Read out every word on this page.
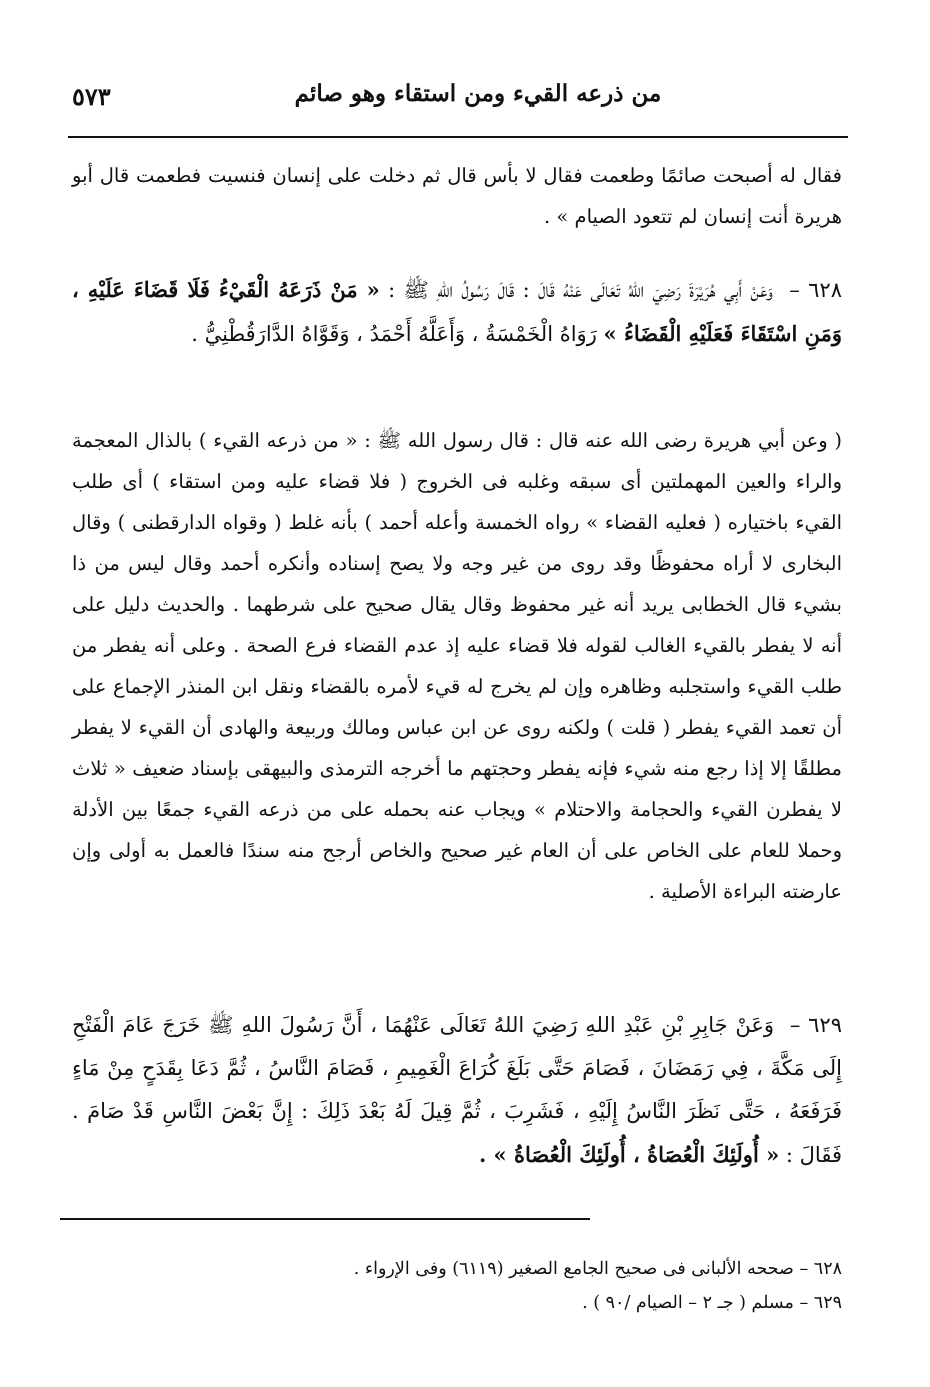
من ذرعه القيء ومن استقاء وهو صائم
٥٧٣

فقال له أصبحت صائمًا وطعمت فقال لا بأس قال ثم دخلت على إنسان فنسيت فطعمت قال أبو هريرة أنت إنسان لم تتعود الصيام » .

٦٢٨ – وَعَنْ أَبِي هُرَيْرَةَ رَضِيَ اللهُ تَعَالَى عَنْهُ قَالَ : قَالَ رَسُولُ اللهِ ﷺ : « مَنْ ذَرَعَهُ الْقَيْءُ فَلَا قَضَاءَ عَلَيْهِ ، وَمَنِ اسْتَقَاءَ فَعَلَيْهِ الْقَضَاءُ » رَوَاهُ الْخَمْسَةُ ، وَأَعَلَّهُ أَحْمَدُ ، وَقَوَّاهُ الدَّارَقُطْنِيُّ .

( وعن أبي هريرة رضى الله عنه قال : قال رسول الله ﷺ : « من ذرعه القيء ) بالذال المعجمة والراء والعين المهملتين أى سبقه وغلبه فى الخروج ( فلا قضاء عليه ومن استقاء ) أى طلب القيء باختياره ( فعليه القضاء » رواه الخمسة وأعله أحمد ) بأنه غلط ( وقواه الدارقطنى ) وقال البخارى لا أراه محفوظًا وقد روى من غير وجه ولا يصح إسناده وأنكره أحمد وقال ليس من ذا بشيء قال الخطابى يريد أنه غير محفوظ وقال يقال صحيح على شرطهما . والحديث دليل على أنه لا يفطر بالقيء الغالب لقوله فلا قضاء عليه إذ عدم القضاء فرع الصحة . وعلى أنه يفطر من طلب القيء واستجلبه وظاهره وإن لم يخرج له قيء لأمره بالقضاء ونقل ابن المنذر الإجماع على أن تعمد القيء يفطر ( قلت ) ولكنه روى عن ابن عباس ومالك وربيعة والهادى أن القيء لا يفطر مطلقًا إلا إذا رجع منه شيء فإنه يفطر وحجتهم ما أخرجه الترمذى والبيهقى بإسناد ضعيف « ثلاث لا يفطرن القيء والحجامة والاحتلام » ويجاب عنه بحمله على من ذرعه القيء جمعًا بين الأدلة وحملا للعام على الخاص على أن العام غير صحيح والخاص أرجح منه سندًا فالعمل به أولى وإن عارضته البراءة الأصلية .

٦٢٩ – وَعَنْ جَابِرِ بْنِ عَبْدِ اللهِ رَضِيَ اللهُ تَعَالَى عَنْهُمَا ، أَنَّ رَسُولَ اللهِ ﷺ خَرَجَ عَامَ الْفَتْحِ إِلَى مَكَّةَ ، فِي رَمَضَانَ ، فَصَامَ حَتَّى بَلَغَ كُرَاعَ الْغَمِيمِ ، فَصَامَ النَّاسُ ، ثُمَّ دَعَا بِقَدَحٍ مِنْ مَاءٍ فَرَفَعَهُ ، حَتَّى نَظَرَ النَّاسُ إِلَيْهِ ، فَشَرِبَ ، ثُمَّ قِيلَ لَهُ بَعْدَ ذَلِكَ : إِنَّ بَعْضَ النَّاسِ قَدْ صَامَ . فَقَالَ : « أُولَئِكَ الْعُصَاةُ ، أُولَئِكَ الْعُصَاةُ » .

٦٢٨ – صححه الألبانى فى صحيح الجامع الصغير (٦١١٩) وفى الإرواء .
٦٢٩ – مسلم ( جـ ٢ – الصيام /٩٠ ) .
